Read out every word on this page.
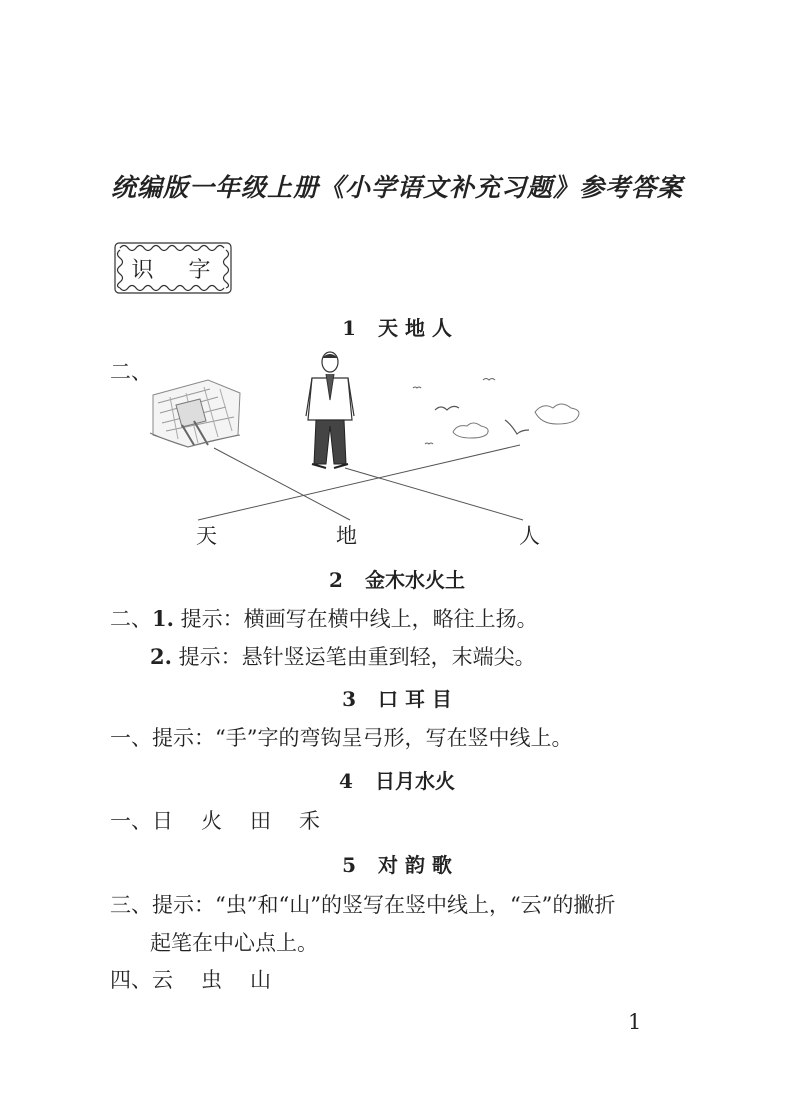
统编版一年级上册《小学语文补充习题》参考答案
识 字
1 天 地 人
二、
天	地	人
2 金木水火土
二、1. 提示：横画写在横中线上，略往上扬。
2. 提示：悬针竖运笔由重到轻，末端尖。
3 口 耳 目
一、提示：“手”字的弯钩呈弓形，写在竖中线上。
4 日月水火
一、日 火 田 禾
5 对 韵 歌
三、提示：“虫”和“山”的竖写在竖中线上，“云”的撇折
起笔在中心点上。
四、云 虫 山
1
